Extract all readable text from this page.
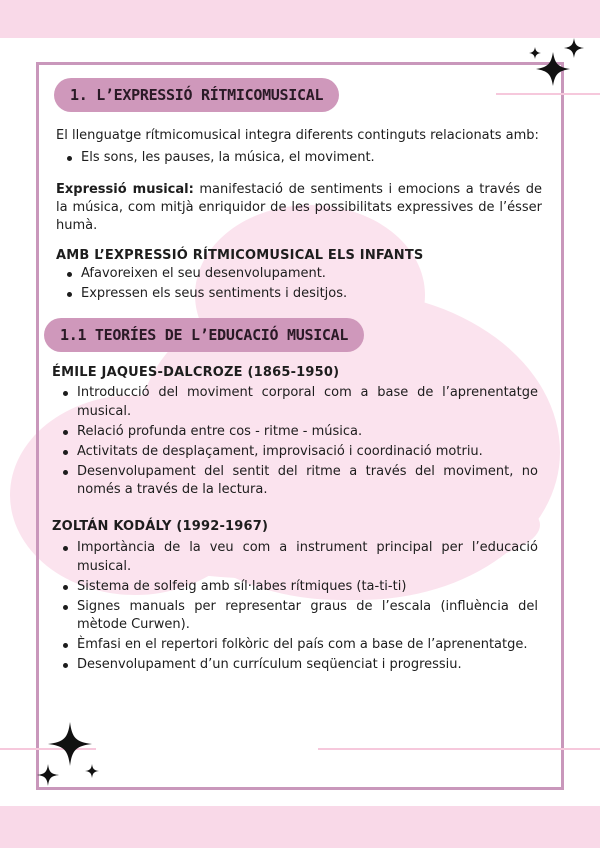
1. L’EXPRESSIÓ RÍTMICOMUSICAL
El llenguatge rítmicomusical integra diferents continguts relacionats amb:
Els sons, les pauses, la música, el moviment.
Expressió musical: manifestació de sentiments i emocions a través de la música, com mitjà enriquidor de les possibilitats expressives de l’ésser humà.
AMB L’EXPRESSIÓ RÍTMICOMUSICAL ELS INFANTS
Afavoreixen el seu desenvolupament.
Expressen els seus sentiments i desitjos.
1.1 TEORÍES DE L’EDUCACIÓ MUSICAL
ÉMILE JAQUES-DALCROZE (1865-1950)
Introducció del moviment corporal com a base de l’aprenentatge musical.
Relació profunda entre cos - ritme - música.
Activitats de desplaçament, improvisació i coordinació motriu.
Desenvolupament del sentit del ritme a través del moviment, no només a través de la lectura.
ZOLTÁN KODÁLY (1992-1967)
Importància de la veu com a instrument principal per l’educació musical.
Sistema de solfeig amb síl·labes rítmiques (ta-ti-ti)
Signes manuals per representar graus de l’escala (influència del mètode Curwen).
Èmfasi en el repertori folkòric del país com a base de l’aprenentatge.
Desenvolupament d’un currículum seqüenciat i progressiu.
